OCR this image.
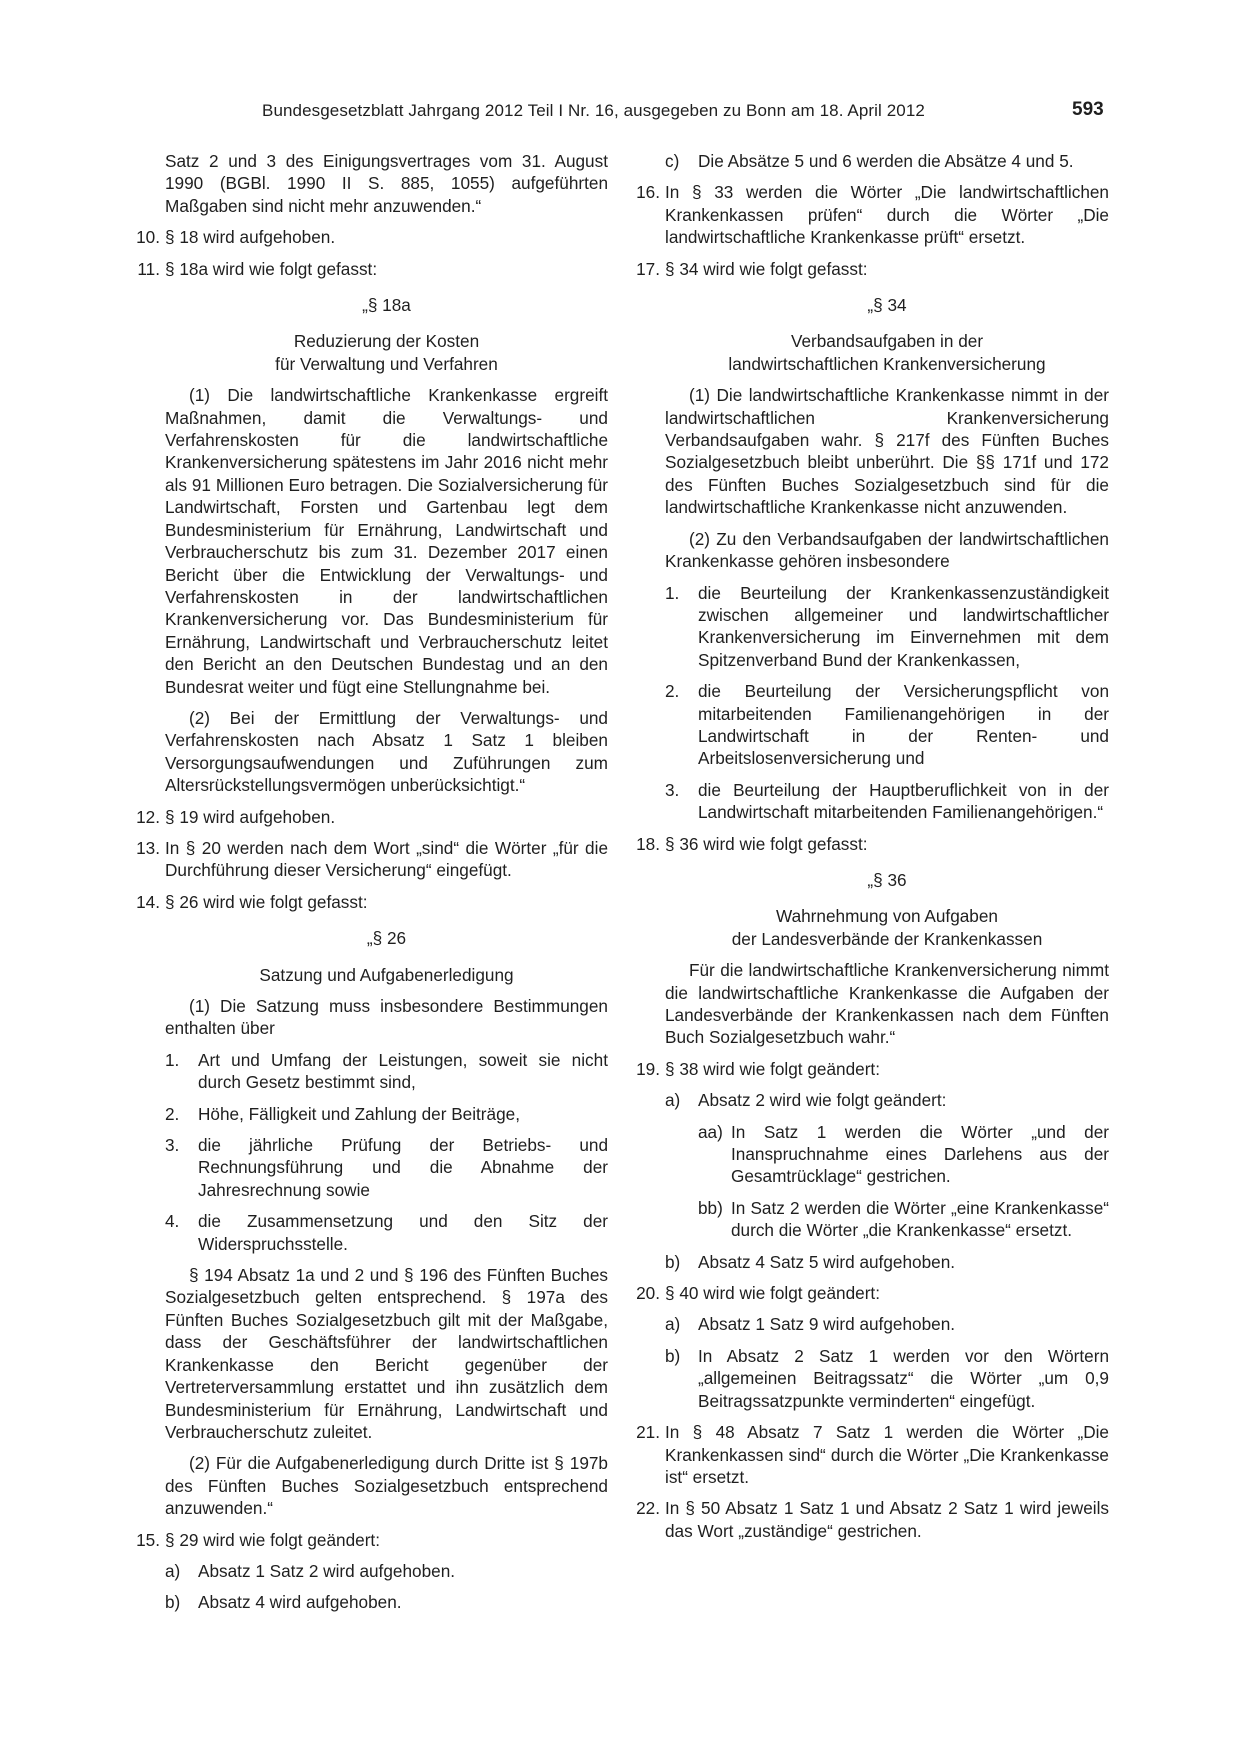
Bundesgesetzblatt Jahrgang 2012 Teil I Nr. 16, ausgegeben zu Bonn am 18. April 2012	593

Satz 2 und 3 des Einigungsvertrages vom 31. August 1990 (BGBl. 1990 II S. 885, 1055) aufgeführten Maßgaben sind nicht mehr anzuwenden.“

10. § 18 wird aufgehoben.
11. § 18a wird wie folgt gefasst:

„§ 18a

Reduzierung der Kosten

für Verwaltung und Verfahren

(1) Die landwirtschaftliche Krankenkasse ergreift Maßnahmen, damit die Verwaltungs- und Verfahrenskosten für die landwirtschaftliche Krankenversicherung spätestens im Jahr 2016 nicht mehr als 91 Millionen Euro betragen. Die Sozialversicherung für Landwirtschaft, Forsten und Gartenbau legt dem Bundesministerium für Ernährung, Landwirtschaft und Verbraucherschutz bis zum 31. Dezember 2017 einen Bericht über die Entwicklung der Verwaltungs- und Verfahrenskosten in der landwirtschaftlichen Krankenversicherung vor. Das Bundesministerium für Ernährung, Landwirtschaft und Verbraucherschutz leitet den Bericht an den Deutschen Bundestag und an den Bundesrat weiter und fügt eine Stellungnahme bei.

(2) Bei der Ermittlung der Verwaltungs- und Verfahrenskosten nach Absatz 1 Satz 1 bleiben Versorgungsaufwendungen und Zuführungen zum Altersrückstellungsvermögen unberücksichtigt.“

12. § 19 wird aufgehoben.
13. In § 20 werden nach dem Wort „sind“ die Wörter „für die Durchführung dieser Versicherung“ eingefügt.
14. § 26 wird wie folgt gefasst:

„§ 26

Satzung und Aufgabenerledigung

(1) Die Satzung muss insbesondere Bestimmungen enthalten über

1. Art und Umfang der Leistungen, soweit sie nicht durch Gesetz bestimmt sind,
2. Höhe, Fälligkeit und Zahlung der Beiträge,
3. die jährliche Prüfung der Betriebs- und Rechnungsführung und die Abnahme der Jahresrechnung sowie
4. die Zusammensetzung und den Sitz der Widerspruchsstelle.

§ 194 Absatz 1a und 2 und § 196 des Fünften Buches Sozialgesetzbuch gelten entsprechend. § 197a des Fünften Buches Sozialgesetzbuch gilt mit der Maßgabe, dass der Geschäftsführer der landwirtschaftlichen Krankenkasse den Bericht gegenüber der Vertreterversammlung erstattet und ihn zusätzlich dem Bundesministerium für Ernährung, Landwirtschaft und Verbraucherschutz zuleitet.

(2) Für die Aufgabenerledigung durch Dritte ist § 197b des Fünften Buches Sozialgesetzbuch entsprechend anzuwenden.“

15. § 29 wird wie folgt geändert:
a) Absatz 1 Satz 2 wird aufgehoben.
b) Absatz 4 wird aufgehoben.
c) Die Absätze 5 und 6 werden die Absätze 4 und 5.
16. In § 33 werden die Wörter „Die landwirtschaftlichen Krankenkassen prüfen“ durch die Wörter „Die landwirtschaftliche Krankenkasse prüft“ ersetzt.
17. § 34 wird wie folgt gefasst:

„§ 34

Verbandsaufgaben in der

landwirtschaftlichen Krankenversicherung

(1) Die landwirtschaftliche Krankenkasse nimmt in der landwirtschaftlichen Krankenversicherung Verbandsaufgaben wahr. § 217f des Fünften Buches Sozialgesetzbuch bleibt unberührt. Die §§ 171f und 172 des Fünften Buches Sozialgesetzbuch sind für die landwirtschaftliche Krankenkasse nicht anzuwenden.

(2) Zu den Verbandsaufgaben der landwirtschaftlichen Krankenkasse gehören insbesondere

1. die Beurteilung der Krankenkassenzuständigkeit zwischen allgemeiner und landwirtschaftlicher Krankenversicherung im Einvernehmen mit dem Spitzenverband Bund der Krankenkassen,
2. die Beurteilung der Versicherungspflicht von mitarbeitenden Familienangehörigen in der Landwirtschaft in der Renten- und Arbeitslosenversicherung und
3. die Beurteilung der Hauptberuflichkeit von in der Landwirtschaft mitarbeitenden Familienangehörigen.“
18. § 36 wird wie folgt gefasst:

„§ 36

Wahrnehmung von Aufgaben

der Landesverbände der Krankenkassen

Für die landwirtschaftliche Krankenversicherung nimmt die landwirtschaftliche Krankenkasse die Aufgaben der Landesverbände der Krankenkassen nach dem Fünften Buch Sozialgesetzbuch wahr.“

19. § 38 wird wie folgt geändert:
a) Absatz 2 wird wie folgt geändert:
aa) In Satz 1 werden die Wörter „und der Inanspruchnahme eines Darlehens aus der Gesamtrücklage“ gestrichen.
bb) In Satz 2 werden die Wörter „eine Krankenkasse“ durch die Wörter „die Krankenkasse“ ersetzt.
b) Absatz 4 Satz 5 wird aufgehoben.
20. § 40 wird wie folgt geändert:
a) Absatz 1 Satz 9 wird aufgehoben.
b) In Absatz 2 Satz 1 werden vor den Wörtern „allgemeinen Beitragssatz“ die Wörter „um 0,9 Beitragssatzpunkte verminderten“ eingefügt.
21. In § 48 Absatz 7 Satz 1 werden die Wörter „Die Krankenkassen sind“ durch die Wörter „Die Krankenkasse ist“ ersetzt.
22. In § 50 Absatz 1 Satz 1 und Absatz 2 Satz 1 wird jeweils das Wort „zuständige“ gestrichen.
